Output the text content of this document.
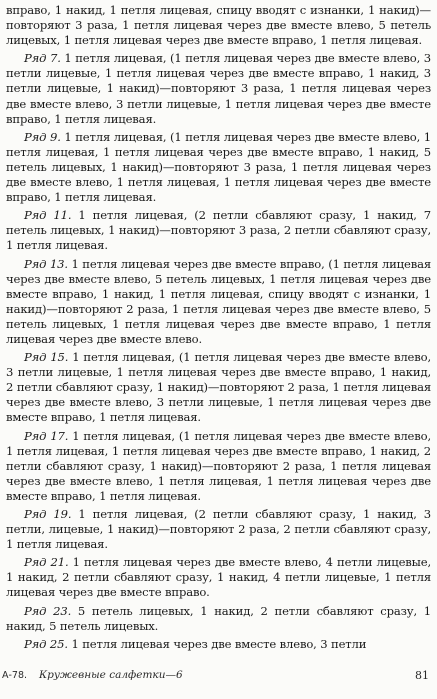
вправо, 1 накид, 1 петля лицевая, спицу вводят с изнанки, 1 накид)—повторяют 3 раза, 1 петля лицевая через две вместе влево, 5 петель лицевых, 1 петля лицевая через две вместе вправо, 1 петля лицевая.

Ряд 7. 1 петля лицевая, (1 петля лицевая через две вместе влево, 3 петли лицевые, 1 петля лицевая через две вместе вправо, 1 накид, 3 петли лицевые, 1 накид)—повторяют 3 раза, 1 петля лицевая через две вместе влево, 3 петли лицевые, 1 петля лицевая через две вместе вправо, 1 петля лицевая.

Ряд 9. 1 петля лицевая, (1 петля лицевая через две вместе влево, 1 петля лицевая, 1 петля лицевая через две вместе вправо, 1 накид, 5 петель лицевых, 1 накид)—повторяют 3 раза, 1 петля лицевая через две вместе влево, 1 петля лицевая, 1 петля лицевая через две вместе вправо, 1 петля лицевая.

Ряд 11. 1 петля лицевая, (2 петли сбавляют сразу, 1 накид, 7 петель лицевых, 1 накид)—повторяют 3 раза, 2 петли сбавляют сразу, 1 петля лицевая.

Ряд 13. 1 петля лицевая через две вместе вправо, (1 петля лицевая через две вместе влево, 5 петель лицевых, 1 петля лицевая через две вместе вправо, 1 накид, 1 петля лицевая, спицу вводят с изнанки, 1 накид)—повторяют 2 раза, 1 петля лицевая через две вместе влево, 5 петель лицевых, 1 петля лицевая через две вместе вправо, 1 петля лицевая через две вместе влево.

Ряд 15. 1 петля лицевая, (1 петля лицевая через две вместе влево, 3 петли лицевые, 1 петля лицевая через две вместе вправо, 1 накид, 2 петли сбавляют сразу, 1 накид)—повторяют 2 раза, 1 петля лицевая через две вместе влево, 3 петли лицевые, 1 петля лицевая через две вместе вправо, 1 петля лицевая.

Ряд 17. 1 петля лицевая, (1 петля лицевая через две вместе влево, 1 петля лицевая, 1 петля лицевая через две вместе вправо, 1 накид, 2 петли сбавляют сразу, 1 накид)—повторяют 2 раза, 1 петля лицевая через две вместе влево, 1 петля лицевая, 1 петля лицевая через две вместе вправо, 1 петля лицевая.

Ряд 19. 1 петля лицевая, (2 петли сбавляют сразу, 1 накид, 3 петли, лицевые, 1 накид)—повторяют 2 раза, 2 петли сбавляют сразу, 1 петля лицевая.

Ряд 21. 1 петля лицевая через две вместе влево, 4 петли лицевые, 1 накид, 2 петли сбавляют сразу, 1 накид, 4 петли лицевые, 1 петля лицевая через две вместе вправо.

Ряд 23. 5 петель лицевых, 1 накид, 2 петли сбавляют сразу, 1 накид, 5 петель лицевых.

Ряд 25. 1 петля лицевая через две вместе влево, 3 петли

А-78. Кружевные салфетки—6	81
